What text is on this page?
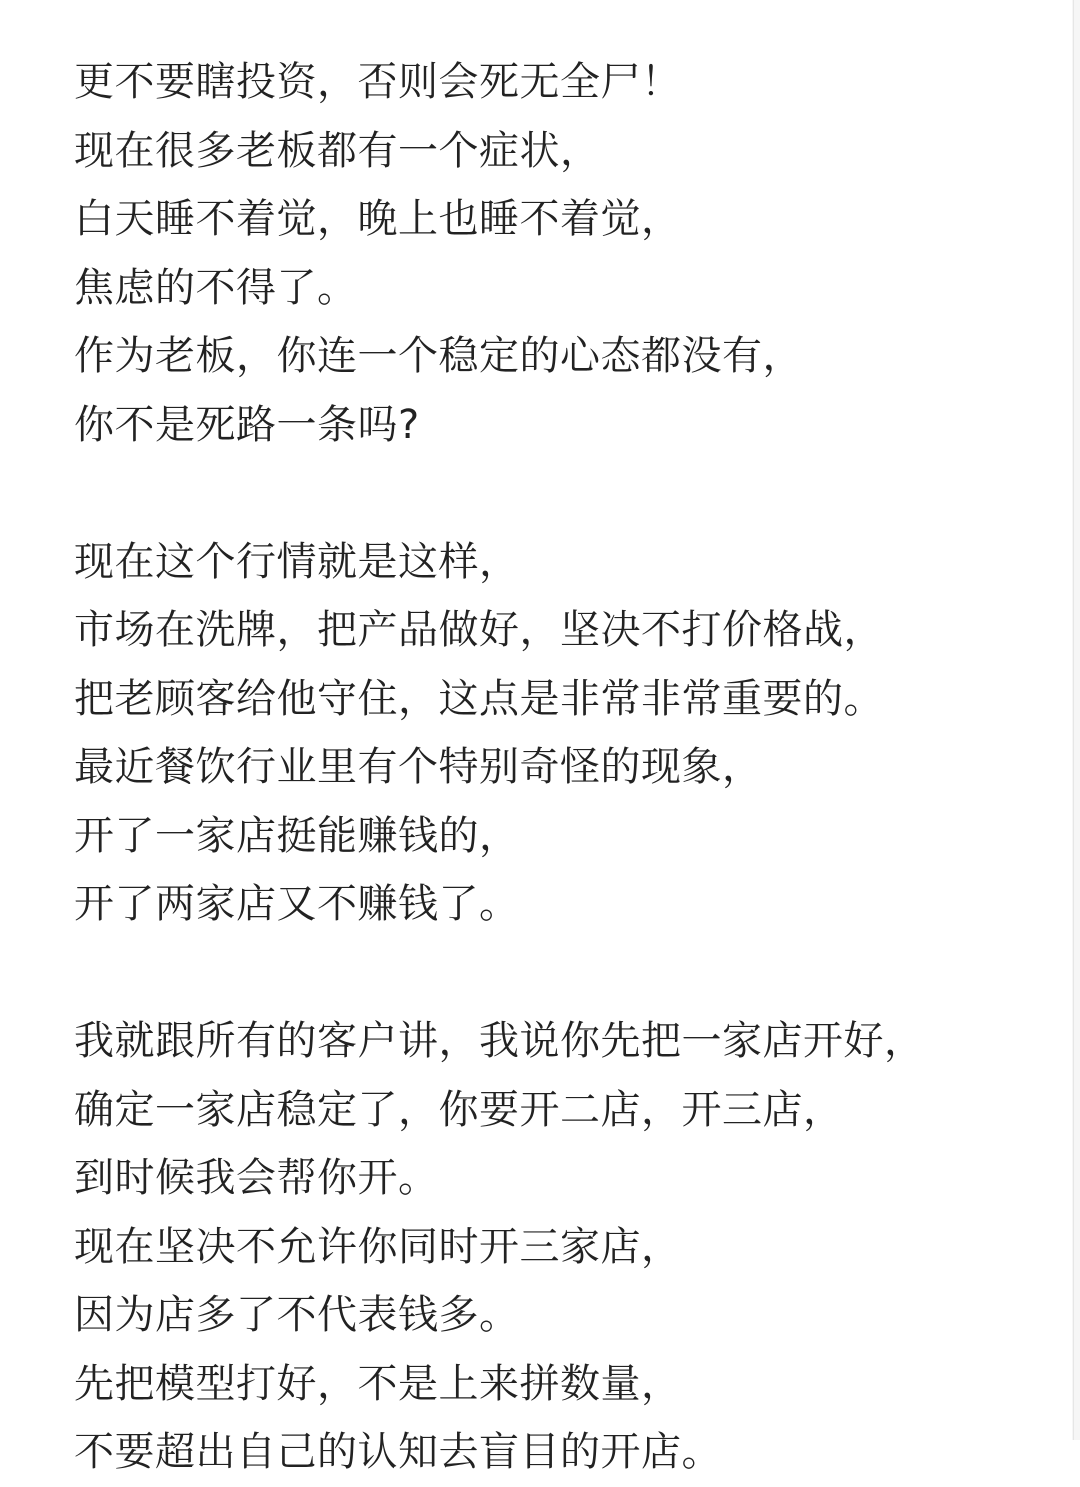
更不要瞎投资，否则会死无全尸！
现在很多老板都有一个症状，
白天睡不着觉，晚上也睡不着觉，
焦虑的不得了。
作为老板，你连一个稳定的心态都没有，
你不是死路一条吗?
现在这个行情就是这样，
市场在洗牌，把产品做好，坚决不打价格战，
把老顾客给他守住，这点是非常非常重要的。
最近餐饮行业里有个特别奇怪的现象，
开了一家店挺能赚钱的，
开了两家店又不赚钱了。
我就跟所有的客户讲，我说你先把一家店开好，
确定一家店稳定了，你要开二店，开三店，
到时候我会帮你开。
现在坚决不允许你同时开三家店，
因为店多了不代表钱多。
先把模型打好，不是上来拼数量，
不要超出自己的认知去盲目的开店。
